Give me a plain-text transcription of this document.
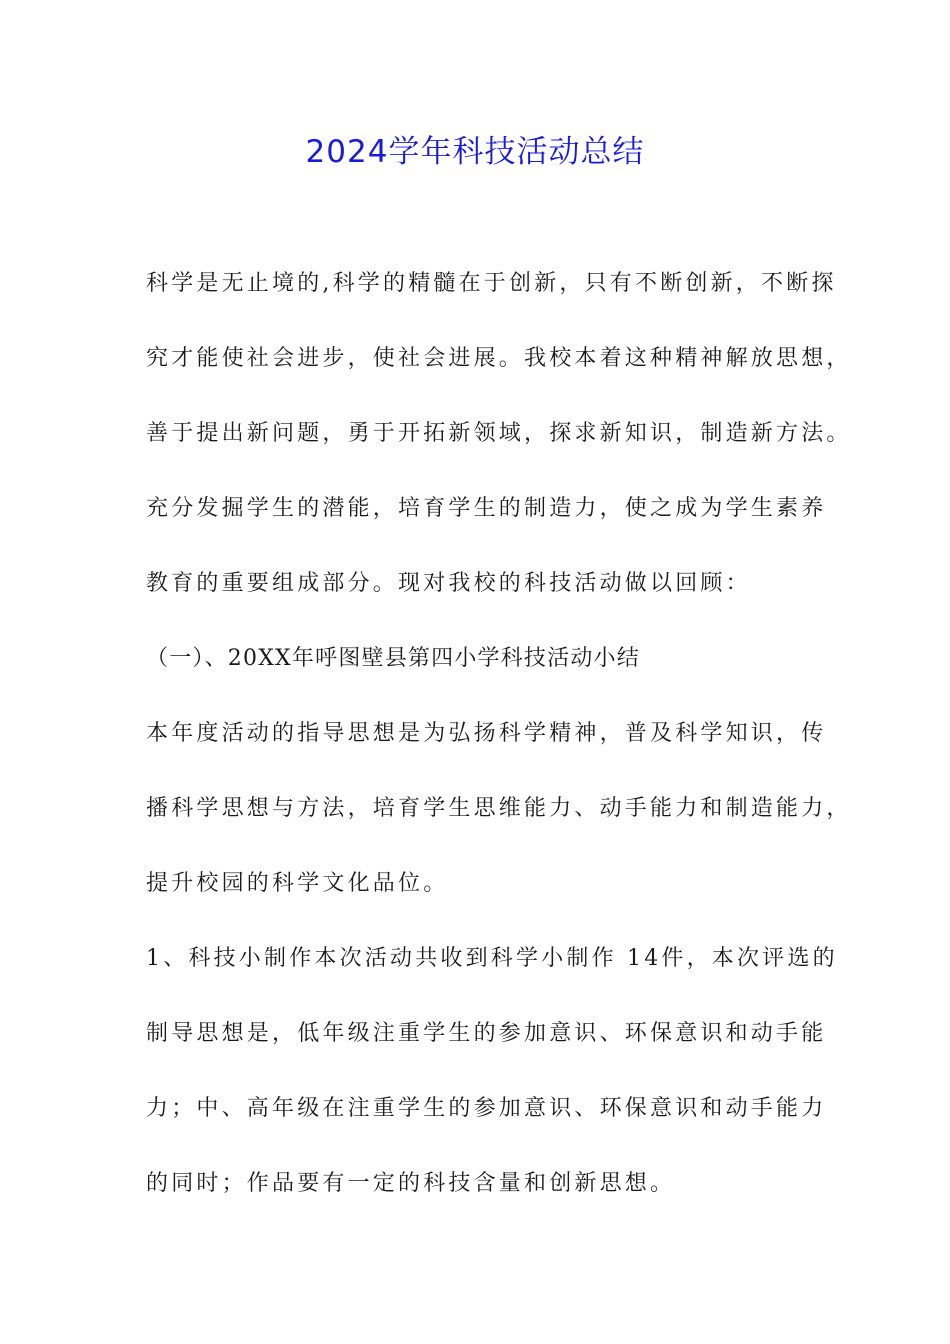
2024学年科技活动总结
科学是无止境的,科学的精髓在于创新，只有不断创新，不断探
究才能使社会进步，使社会进展。我校本着这种精神解放思想，
善于提出新问题，勇于开拓新领域，探求新知识，制造新方法。
充分发掘学生的潜能，培育学生的制造力，使之成为学生素养
教育的重要组成部分。现对我校的科技活动做以回顾：
（一）、20XX年呼图壁县第四小学科技活动小结
本年度活动的指导思想是为弘扬科学精神，普及科学知识，传
播科学思想与方法，培育学生思维能力、动手能力和制造能力，
提升校园的科学文化品位。
1、科技小制作本次活动共收到科学小制作 14件，本次评选的
制导思想是，低年级注重学生的参加意识、环保意识和动手能
力；中、高年级在注重学生的参加意识、环保意识和动手能力
的同时；作品要有一定的科技含量和创新思想。
